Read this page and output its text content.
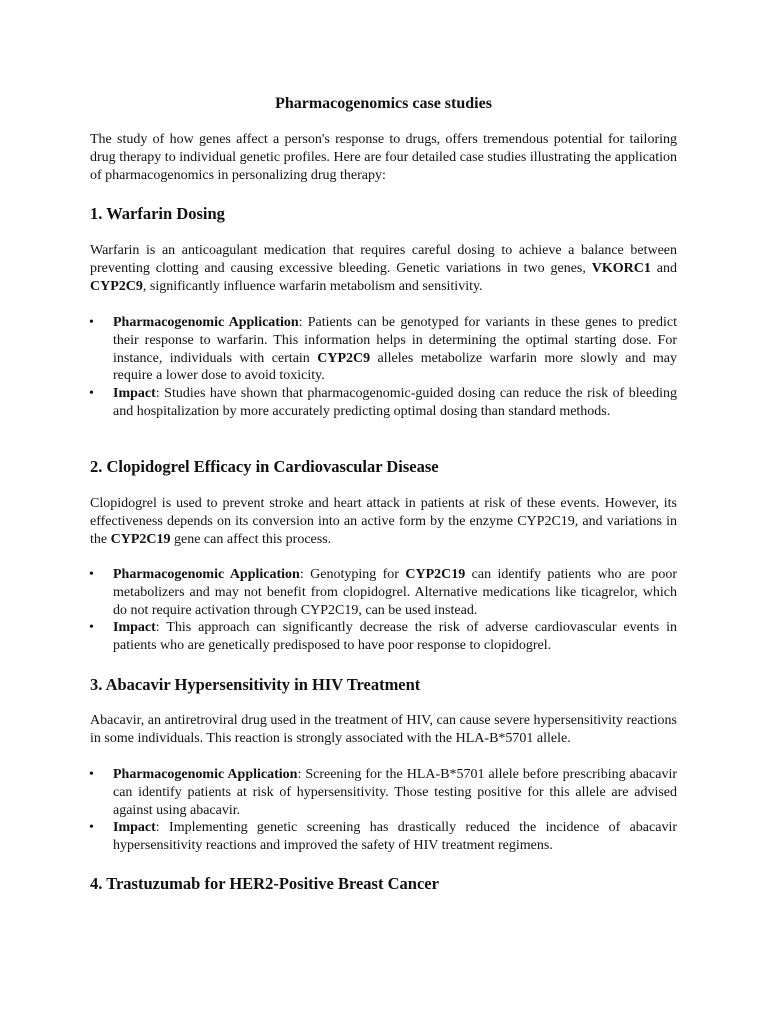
Pharmacogenomics case studies

The study of how genes affect a person's response to drugs, offers tremendous potential for tailoring drug therapy to individual genetic profiles. Here are four detailed case studies illustrating the application of pharmacogenomics in personalizing drug therapy:

1. Warfarin Dosing

Warfarin is an anticoagulant medication that requires careful dosing to achieve a balance between preventing clotting and causing excessive bleeding. Genetic variations in two genes, VKORC1 and CYP2C9, significantly influence warfarin metabolism and sensitivity.

• Pharmacogenomic Application: Patients can be genotyped for variants in these genes to predict their response to warfarin. This information helps in determining the optimal starting dose. For instance, individuals with certain CYP2C9 alleles metabolize warfarin more slowly and may require a lower dose to avoid toxicity.
• Impact: Studies have shown that pharmacogenomic-guided dosing can reduce the risk of bleeding and hospitalization by more accurately predicting optimal dosing than standard methods.
2. Clopidogrel Efficacy in Cardiovascular Disease

Clopidogrel is used to prevent stroke and heart attack in patients at risk of these events. However, its effectiveness depends on its conversion into an active form by the enzyme CYP2C19, and variations in the CYP2C19 gene can affect this process.

• Pharmacogenomic Application: Genotyping for CYP2C19 can identify patients who are poor metabolizers and may not benefit from clopidogrel. Alternative medications like ticagrelor, which do not require activation through CYP2C19, can be used instead.
• Impact: This approach can significantly decrease the risk of adverse cardiovascular events in patients who are genetically predisposed to have poor response to clopidogrel.
3. Abacavir Hypersensitivity in HIV Treatment

Abacavir, an antiretroviral drug used in the treatment of HIV, can cause severe hypersensitivity reactions in some individuals. This reaction is strongly associated with the HLA-B*5701 allele.

• Pharmacogenomic Application: Screening for the HLA-B*5701 allele before prescribing abacavir can identify patients at risk of hypersensitivity. Those testing positive for this allele are advised against using abacavir.
• Impact: Implementing genetic screening has drastically reduced the incidence of abacavir hypersensitivity reactions and improved the safety of HIV treatment regimens.
4. Trastuzumab for HER2-Positive Breast Cancer
